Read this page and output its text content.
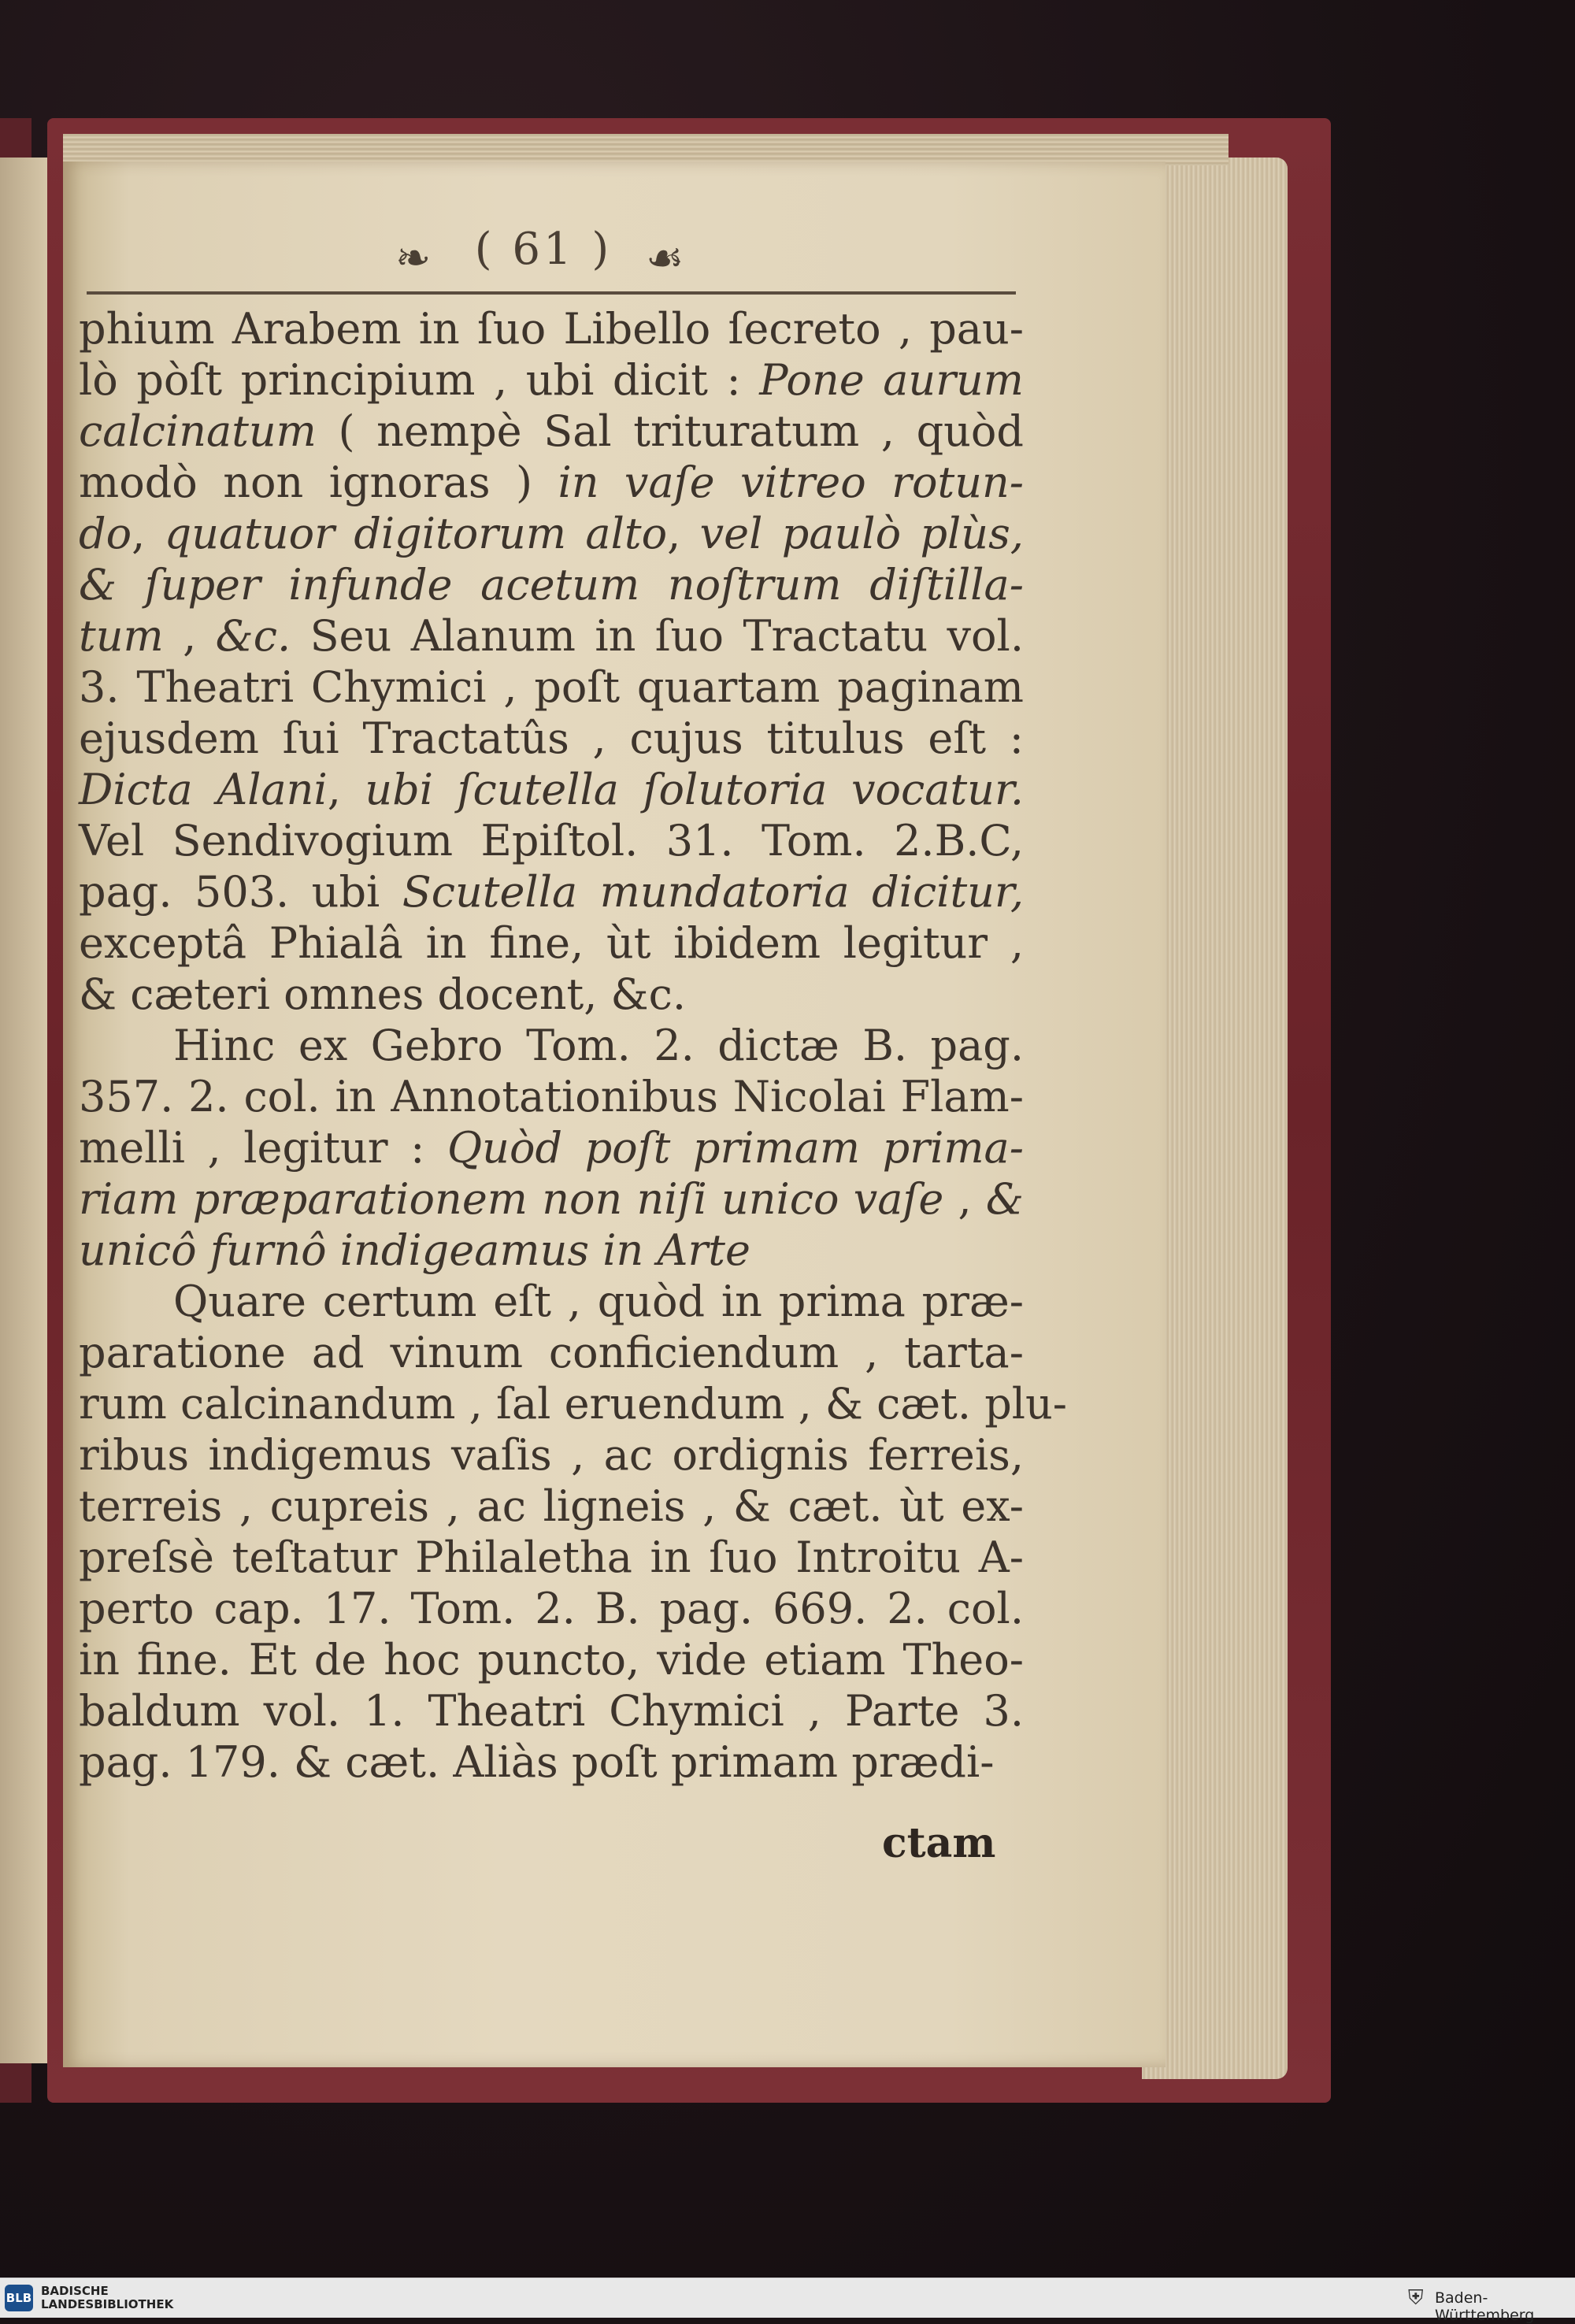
❧ ( 61 ) ☙
phium Arabem in ſuo Libello ſecreto , pau-
lò pòſt principium , ubi dicit : Pone aurum
calcinatum ( nempè Sal trituratum , quòd
modò non ignoras ) in vaſe vitreo rotun-
do, quatuor digitorum alto, vel paulò plùs,
& ſuper infunde acetum noſtrum diſtilla-
tum , &c. Seu Alanum in ſuo Tractatu vol.
3. Theatri Chymici , poſt quartam paginam
ejusdem ſui Tractatûs , cujus titulus eſt :
Dicta Alani, ubi ſcutella ſolutoria vocatur.
Vel Sendivogium Epiſtol. 31. Tom. 2.B.C,
pag. 503. ubi Scutella mundatoria dicitur,
exceptâ Phialâ in fine, ùt ibidem legitur ,
& cæteri omnes docent, &c.
Hinc ex Gebro Tom. 2. dictæ B. pag.
357. 2. col. in Annotationibus Nicolai Flam-
melli , legitur : Quòd poſt primam prima-
riam præparationem non niſi unico vaſe , &
unicô furnô indigeamus in Arte
Quare certum eſt , quòd in prima præ-
paratione ad vinum conficiendum , tarta-
rum calcinandum , ſal eruendum , & cæt. plu-
ribus indigemus vaſis , ac ordignis ferreis,
terreis , cupreis , ac ligneis , & cæt. ùt ex-
preſsè teſtatur Philaletha in ſuo Introitu A-
perto cap. 17. Tom. 2. B. pag. 669. 2. col.
in fine. Et de hoc puncto, vide etiam Theo-
baldum vol. 1. Theatri Chymici , Parte 3.
pag. 179. & cæt. Aliàs poſt primam prædi-
ctam
BLB BADISCHE
LANDESBIBLIOTHEK	⛨ Baden-Württemberg
